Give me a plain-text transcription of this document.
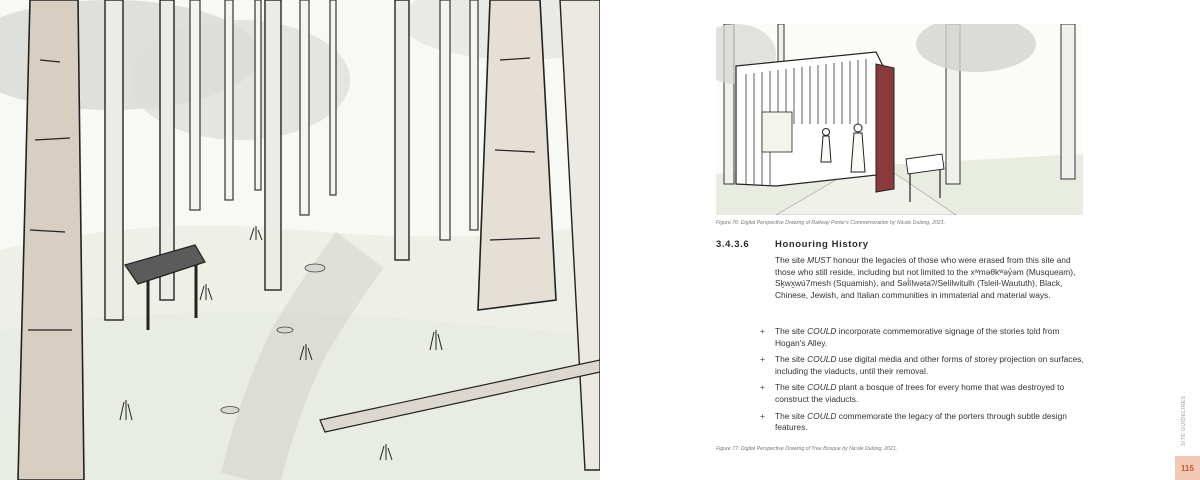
Figure 76: Digital Perspective Drawing of Railway Porter's Commemoration by Nicole Dulong, 2021.
3.4.3.6	Honouring History

The site MUST honour the legacies of those who were erased from this site and those who still reside, including but not limited to the xʷməθkʷəy̓əm (Musqueam), Sḵwx̱wú7mesh (Squamish), and Səl̓ílwətaʔ/Selilwitulh (Tsleil-Waututh), Black, Chinese, Jewish, and Italian communities in immaterial and material ways.

+ The site COULD incorporate commemorative signage of the stories told from Hogan's Alley.
+ The site COULD use digital media and other forms of storey projection on surfaces, including the viaducts, until their removal.
+ The site COULD plant a bosque of trees for every home that was destroyed to construct the viaducts.
+ The site COULD commemorate the legacy of the porters through subtle design features.
Figure 77: Digital Perspective Drawing of Tree Bosque by Nicole Dulong, 2021.
SITE GUIDELINES
115
